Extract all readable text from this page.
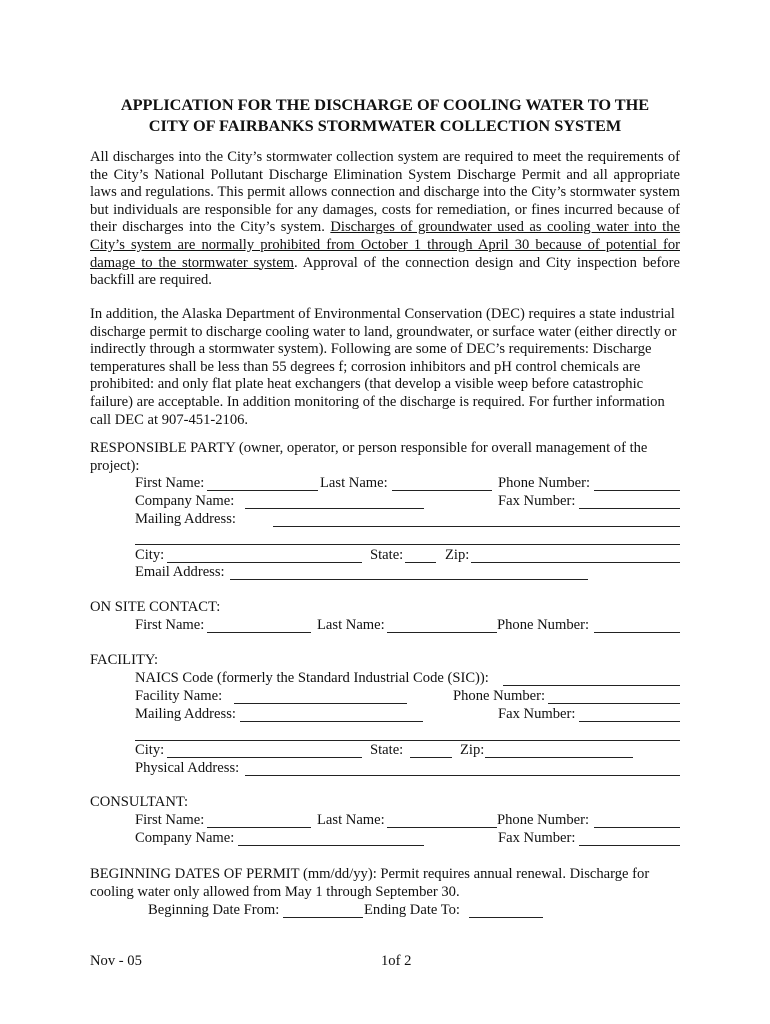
APPLICATION FOR THE DISCHARGE OF COOLING WATER TO THE
CITY OF FAIRBANKS STORMWATER COLLECTION SYSTEM
All discharges into the City’s stormwater collection system are required to meet the requirements of the City’s National Pollutant Discharge Elimination System Discharge Permit and all appropriate laws and regulations. This permit allows connection and discharge into the City’s stormwater system but individuals are responsible for any damages, costs for remediation, or fines incurred because of their discharges into the City’s system. Discharges of groundwater used as cooling water into the City’s system are normally prohibited from October 1 through April 30 because of potential for damage to the stormwater system. Approval of the connection design and City inspection before backfill are required.
In addition, the Alaska Department of Environmental Conservation (DEC) requires a state industrial discharge permit to discharge cooling water to land, groundwater, or surface water (either directly or indirectly through a stormwater system). Following are some of DEC’s requirements: Discharge temperatures shall be less than 55 degrees f; corrosion inhibitors and pH control chemicals are prohibited: and only flat plate heat exchangers (that develop a visible weep before catastrophic failure) are acceptable. In addition monitoring of the discharge is required. For further information call DEC at 907-451-2106.
BEGINNING DATES OF PERMIT (mm/dd/yy): Permit requires annual renewal. Discharge for cooling water only allowed from May 1 through September 30.
RESPONSIBLE PARTY (owner, operator, or person responsible for overall management of the
project):
First Name:	Last Name:	Phone Number:
Company Name:	Fax Number:
Mailing Address:
City:	State:	Zip:
Email Address:
ON SITE CONTACT:
First Name:	Last Name:	Phone Number:
FACILITY:
NAICS Code (formerly the Standard Industrial Code (SIC)):
Facility Name:	Phone Number:
Mailing Address:	Fax Number:
City:	State:	Zip:
Physical Address:
CONSULTANT:
First Name:	Last Name:	Phone Number:
Company Name:	Fax Number:
Beginning Date From:	Ending Date To:
Nov - 05	1of 2
